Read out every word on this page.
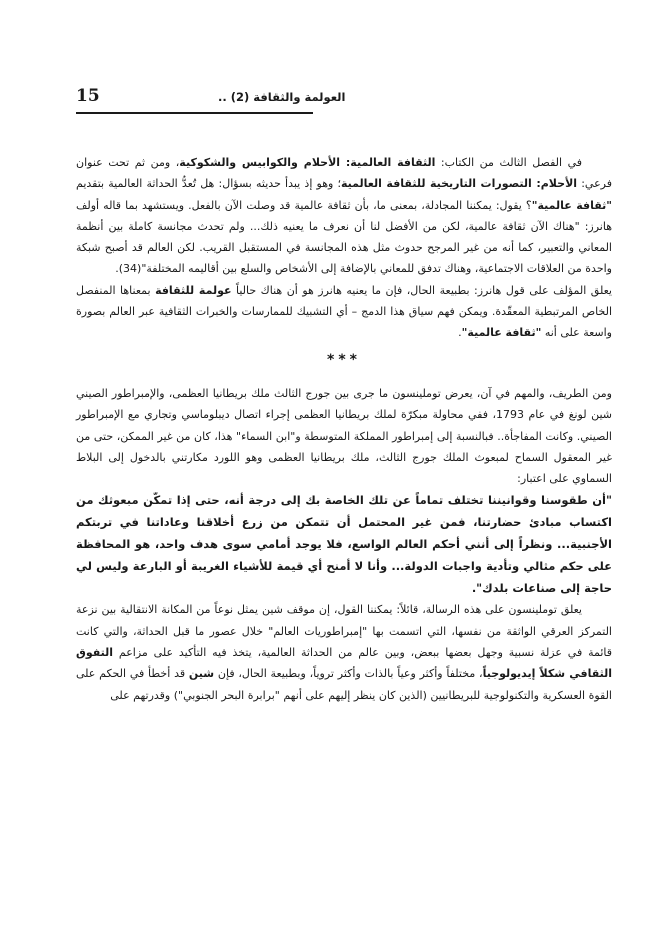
15	العولمة والثقافة (2) ..

في الفصل الثالث من الكتاب: الثقافة العالمية: الأحلام والكوابيس والشكوكية، ومن ثم تحت عنوان فرعي: الأحلام: التصورات التاريخية للثقافة العالمية؛ وهو إذ يبدأ حديثه بسؤال: هل تُعدُّ الحداثة العالمية بتقديم "ثقافة عالمية"؟ يقول: يمكننا المجادلة، بمعنى ما، بأن ثقافة عالمية قد وصلت الآن بالفعل. ويستشهد بما قاله أولف هانرز: "هناك الآن ثقافة عالمية، لكن من الأفضل لنا أن نعرف ما يعنيه ذلك... ولم تحدث مجانسة كاملة بين أنظمة المعاني والتعبير، كما أنه من غير المرجح حدوث مثل هذه المجانسة في المستقبل القريب. لكن العالم قد أصبح شبكة واحدة من العلاقات الاجتماعية، وهناك تدفق للمعاني بالإضافة إلى الأشخاص والسلع بين أقاليمه المختلفة"(34).

يعلق المؤلف على قول هانرز: بطبيعة الحال، فإن ما يعنيه هانرز هو أن هناك حالياً عولمة للثقافة بمعناها المنفصل الخاص المرتبطية المعقّدة. ويمكن فهم سياق هذا الدمج – أي التشبيك للممارسات والخبرات الثقافية عبر العالم بصورة واسعة على أنه "ثقافة عالمية".

***

ومن الطريف، والمهم في آن، يعرض توملينسون ما جرى بين جورج الثالث ملك بريطانيا العظمى، والإمبراطور الصيني شين لونغ في عام 1793، ففي محاولة مبكرّة لملك بريطانيا العظمى إجراء اتصال ديبلوماسي وتجاري مع الإمبراطور الصيني. وكانت المفاجأة.. فبالنسبة إلى إمبراطور المملكة المتوسطة و"ابن السماء" هذا، كان من غير الممكن، حتى من غير المعقول السماح لمبعوث الملك جورج الثالث، ملك بريطانيا العظمى وهو اللورد مكارتني بالدخول إلى البلاط السماوي على اعتبار:

"أن طقوسنا وقوانيننا تختلف تماماً عن تلك الخاصة بك إلى درجة أنه، حتى إذا تمكّن مبعوثك من اكتساب مبادئ حضارتنا، فمن غير المحتمل أن تتمكن من زرع أخلاقنا وعاداتنا في تربتكم الأجنبية... ونظراً إلى أنني أحكم العالم الواسع، فلا يوجد أمامي سوى هدف واحد، هو المحافظة على حكم مثالي وتأدية واجبات الدولة... وأنا لا أمنح أي قيمة للأشياء الغريبة أو البارعة وليس لي حاجة إلى صناعات بلدك".

يعلق توملينسون على هذه الرسالة، قائلاً: يمكننا القول، إن موقف شين يمثل نوعاً من المكانة الانتقالية بين نزعة التمركز العرقي الواثقة من نفسها، التي اتسمت بها "إمبراطوريات العالم" خلال عصور ما قبل الحداثة، والتي كانت قائمة في عزلة نسبية وجهل بعضها ببعض، وبين عالم من الحداثة العالمية، يتخذ فيه التأكيد على مزاعم التفوق الثقافي شكلاً إيديولوجياً، مختلفاً وأكثر وعياً بالذات وأكثر تروياً، وبطبيعة الحال، فإن شين قد أخطأ في الحكم على القوة العسكرية والتكنولوجية للبريطانيين (الذين كان ينظر إليهم على أنهم "برابرة البحر الجنوبي") وقدرتهم على
